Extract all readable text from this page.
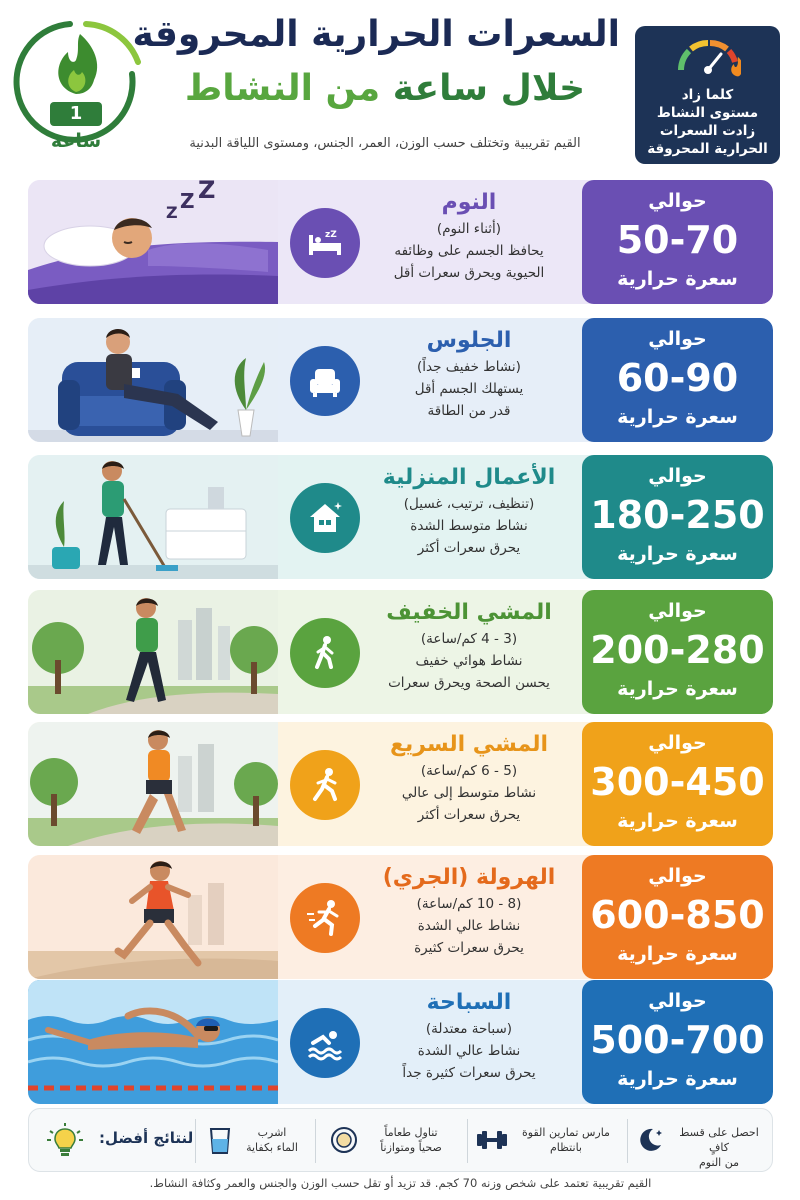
1
ساعة
السعرات الحرارية المحروقة
خلال ساعة من النشاط
القيم تقريبية وتختلف حسب الوزن، العمر، الجنس، ومستوى اللياقة البدنية
كلما زاد
مستوى النشاط
زادت السعرات
الحرارية المحروقة
Z Z Z
zZ
النوم
(أثناء النوم)
يحافظ الجسم على وظائفه
الحيوية ويحرق سعرات أقل
حوالي
50-70
سعرة حرارية
الجلوس
(نشاط خفيف جداً)
يستهلك الجسم أقل
قدر من الطاقة
حوالي
60-90
سعرة حرارية
الأعمال المنزلية
(تنظيف، ترتيب، غسيل)
نشاط متوسط الشدة
يحرق سعرات أكثر
حوالي
180-250
سعرة حرارية
المشي الخفيف
(3 - 4 كم/ساعة)
نشاط هوائي خفيف
يحسن الصحة ويحرق سعرات
حوالي
200-280
سعرة حرارية
المشي السريع
(5 - 6 كم/ساعة)
نشاط متوسط إلى عالي
يحرق سعرات أكثر
حوالي
300-450
سعرة حرارية
الهرولة (الجري)
(8 - 10 كم/ساعة)
نشاط عالي الشدة
يحرق سعرات كثيرة
حوالي
600-850
سعرة حرارية
السباحة
(سباحة معتدلة)
نشاط عالي الشدة
يحرق سعرات كثيرة جداً
حوالي
500-700
سعرة حرارية
احصل على قسط كافٍ
من النوم
مارس تمارين القوة
بانتظام
تناول طعاماً
صحياً ومتوازناً
اشرب
الماء بكفاية
لنتائج أفضل:
القيم تقريبية تعتمد على شخص وزنه 70 كجم. قد تزيد أو تقل حسب الوزن والجنس والعمر وكثافة النشاط.
